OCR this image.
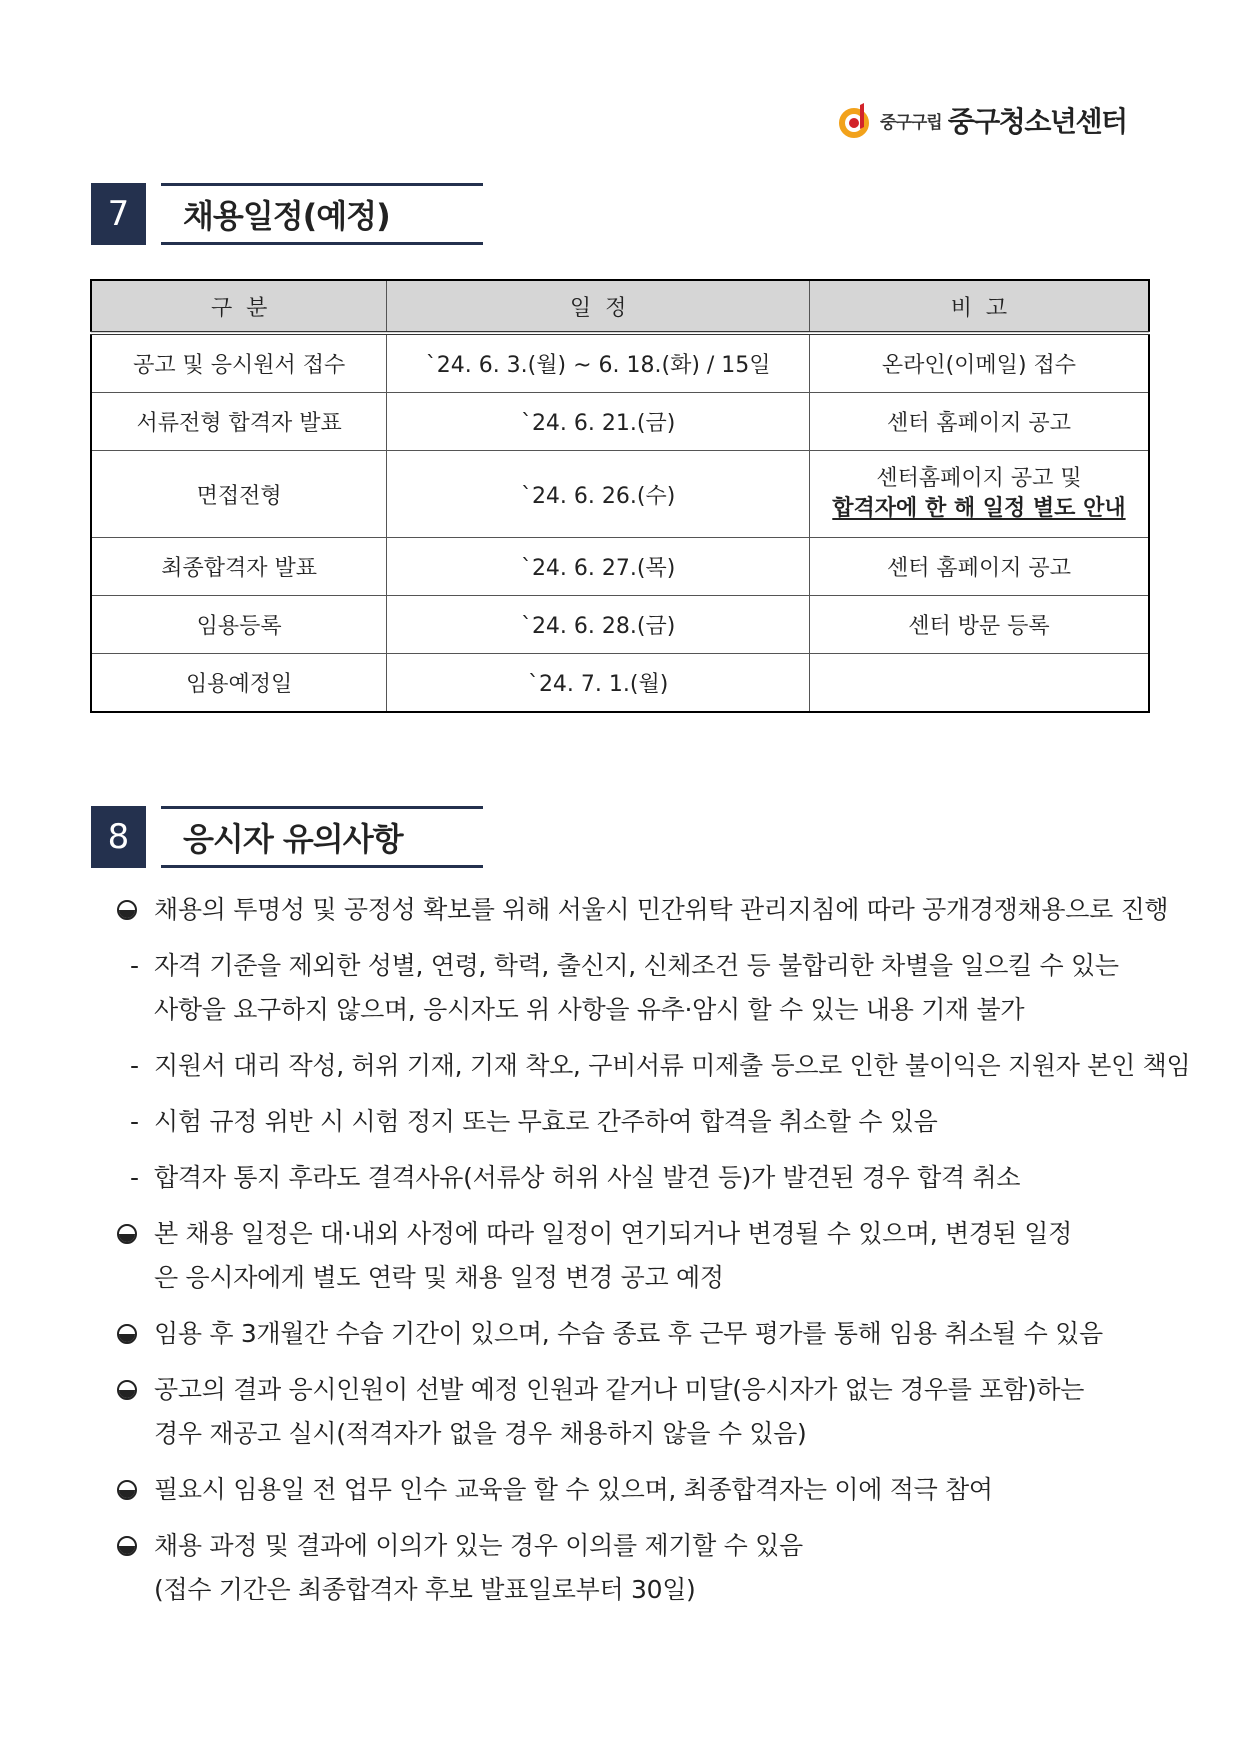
중구구립 중구청소년센터
7	채용일정(예정)
구  분	일  정	비  고
공고 및 응시원서 접수	`24. 6. 3.(월) ~ 6. 18.(화) / 15일	온라인(이메일) 접수
서류전형 합격자 발표	`24. 6. 21.(금)	센터 홈페이지 공고
면접전형	`24. 6. 26.(수)	센터홈페이지 공고 및
합격자에 한 해 일정 별도 안내

최종합격자 발표	`24. 6. 27.(목)	센터 홈페이지 공고
임용등록	`24. 6. 28.(금)	센터 방문 등록
임용예정일	`24. 7. 1.(월)	
8	응시자 유의사항
채용의 투명성 및 공정성 확보를 위해 서울시 민간위탁 관리지침에 따라 공개경쟁채용으로 진행
- 자격 기준을 제외한 성별, 연령, 학력, 출신지, 신체조건 등 불합리한 차별을 일으킬 수 있는
사항을 요구하지 않으며, 응시자도 위 사항을 유추·암시 할 수 있는 내용 기재 불가
- 지원서 대리 작성, 허위 기재, 기재 착오, 구비서류 미제출 등으로 인한 불이익은 지원자 본인 책임
- 시험 규정 위반 시 시험 정지 또는 무효로 간주하여 합격을 취소할 수 있음
- 합격자 통지 후라도 결격사유(서류상 허위 사실 발견 등)가 발견된 경우 합격 취소
본 채용 일정은 대·내외 사정에 따라 일정이 연기되거나 변경될 수 있으며, 변경된 일정
은 응시자에게 별도 연락 및 채용 일정 변경 공고 예정
임용 후 3개월간 수습 기간이 있으며, 수습 종료 후 근무 평가를 통해 임용 취소될 수 있음
공고의 결과 응시인원이 선발 예정 인원과 같거나 미달(응시자가 없는 경우를 포함)하는
경우 재공고 실시(적격자가 없을 경우 채용하지 않을 수 있음)
필요시 임용일 전 업무 인수 교육을 할 수 있으며, 최종합격자는 이에 적극 참여
채용 과정 및 결과에 이의가 있는 경우 이의를 제기할 수 있음
(접수 기간은 최종합격자 후보 발표일로부터 30일)
